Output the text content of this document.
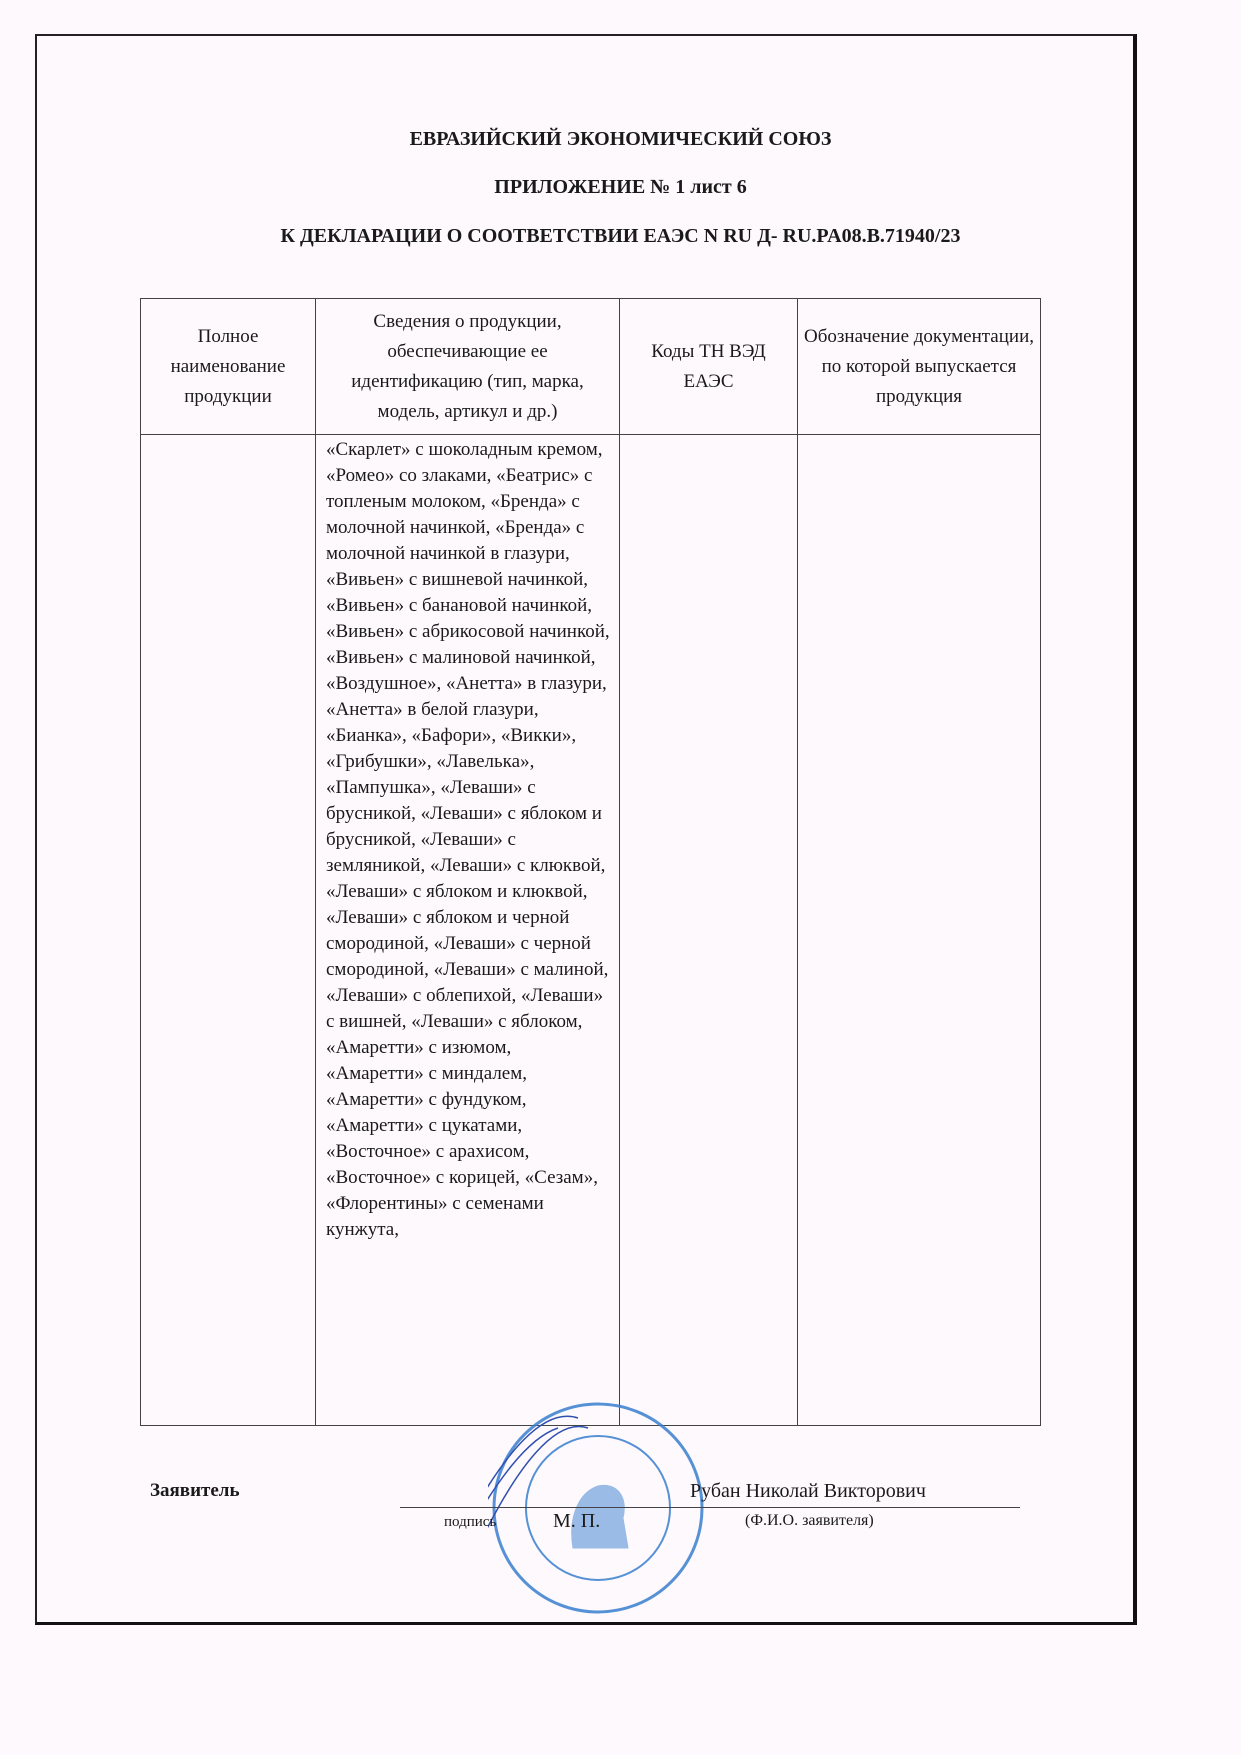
ЕВРАЗИЙСКИЙ ЭКОНОМИЧЕСКИЙ СОЮЗ
ПРИЛОЖЕНИЕ № 1 лист 6
К ДЕКЛАРАЦИИ О СООТВЕТСТВИИ ЕАЭС N RU Д- RU.PA08.B.71940/23
Полное наименование продукции	Сведения о продукции, обеспечивающие ее идентификацию (тип, марка, модель, артикул и др.)	Коды ТН ВЭД ЕАЭС	Обозначение документации, по которой выпускается продукция
	«Скарлет» с шоколадным кремом, «Ромео» со злаками, «Беатрис» с топленым молоком, «Бренда» с молочной начинкой, «Бренда» с молочной начинкой в глазури, «Вивьен» с вишневой начинкой, «Вивьен» с банановой начинкой, «Вивьен» с абрикосовой начинкой, «Вивьен» с малиновой начинкой, «Воздушное», «Анетта» в глазури, «Анетта» в белой глазури, «Бианка», «Бафори», «Викки», «Грибушки», «Лавелька», «Пампушка», «Леваши» с брусникой, «Леваши» с яблоком и брусникой, «Леваши» с земляникой, «Леваши» с клюквой, «Леваши» с яблоком и клюквой, «Леваши» с яблоком и черной смородиной, «Леваши» с черной смородиной, «Леваши» с малиной, «Леваши» с облепихой, «Леваши» с вишней, «Леваши» с яблоком, «Амаретти» с изюмом, «Амаретти» с миндалем, «Амаретти» с фундуком, «Амаретти» с цукатами, «Восточное» с арахисом, «Восточное» с корицей, «Сезам», «Флорентины» с семенами кунжута,		
Заявитель
подпись	М. П.
Рубан Николай Викторович
(Ф.И.О. заявителя)
